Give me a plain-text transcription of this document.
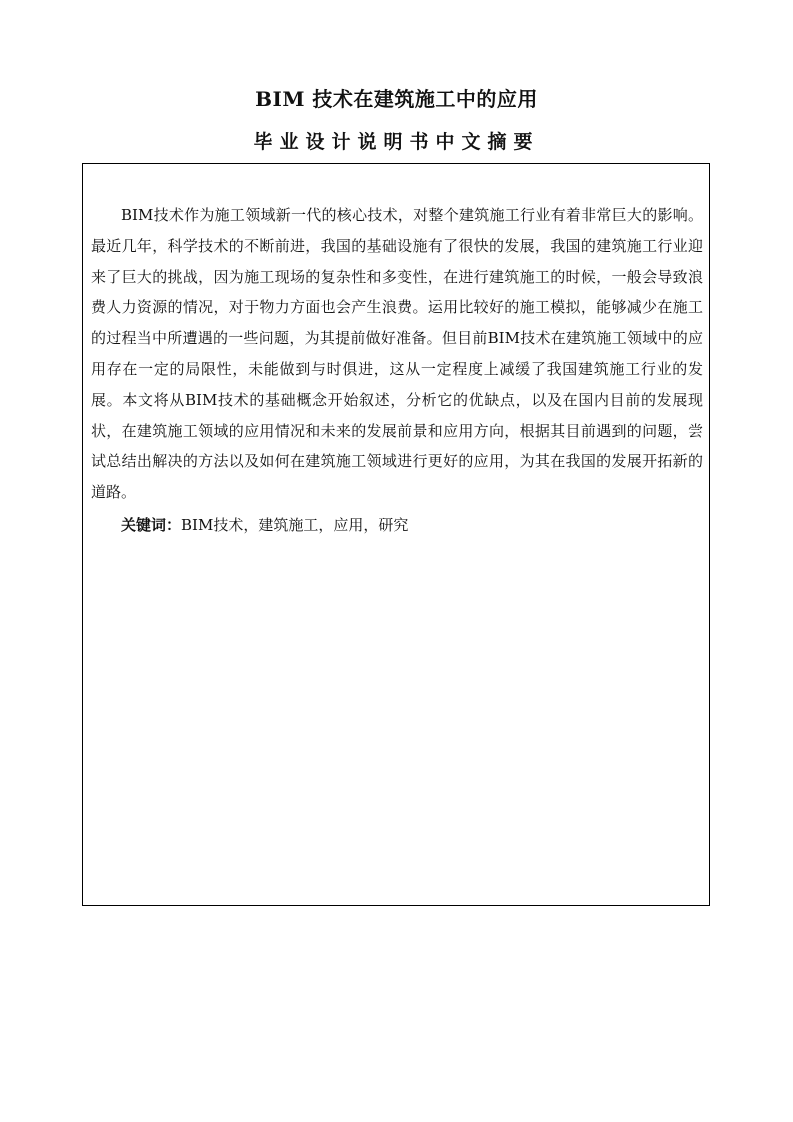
BIM 技术在建筑施工中的应用
毕业设计说明书中文摘要

BIM技术作为施工领域新一代的核心技术，对整个建筑施工行业有着非常巨大的影响。最近几年，科学技术的不断前进，我国的基础设施有了很快的发展，我国的建筑施工行业迎来了巨大的挑战，因为施工现场的复杂性和多变性，在进行建筑施工的时候，一般会导致浪费人力资源的情况，对于物力方面也会产生浪费。运用比较好的施工模拟，能够减少在施工的过程当中所遭遇的一些问题，为其提前做好准备。但目前BIM技术在建筑施工领域中的应用存在一定的局限性，未能做到与时俱进，这从一定程度上减缓了我国建筑施工行业的发展。本文将从BIM技术的基础概念开始叙述，分析它的优缺点，以及在国内目前的发展现状，在建筑施工领域的应用情况和未来的发展前景和应用方向，根据其目前遇到的问题，尝试总结出解决的方法以及如何在建筑施工领域进行更好的应用，为其在我国的发展开拓新的道路。

关键词：BIM技术，建筑施工，应用，研究
